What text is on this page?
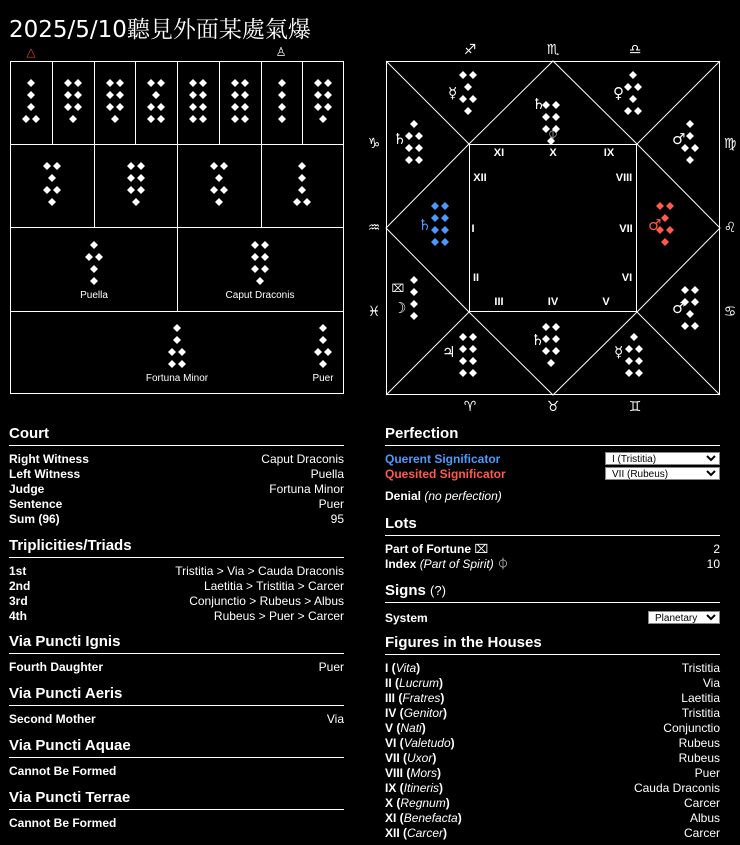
2025/5/10聽見外面某處氣爆
△	♙
Puella	Caput Draconis
Fortuna Minor	Puer
♐	♏	♎
♑	♍
♒	♌
♓	♋
♈	♉	♊
I
II
III	IV	V
VI
VII
VIII
IX
X
XI
XII
♄
☽
⌧
♃
♄
☿
♂
♂
♂
♀
♄
⏀
☿
♄
Court
Right Witness	Caput Draconis
Left Witness	Puella
Judge	Fortuna Minor
Sentence	Puer
Sum (96)	95
Triplicities/Triads
1st	Tristitia > Via > Cauda Draconis
2nd	Laetitia > Tristitia > Carcer
3rd	Conjunctio > Rubeus > Albus
4th	Rubeus > Puer > Carcer
Via Puncti Ignis
Fourth Daughter	Puer
Via Puncti Aeris
Second Mother	Via
Via Puncti Aquae
Cannot Be Formed
Via Puncti Terrae
Cannot Be Formed
Perfection
Querent Significator
I (Tristitia)
Quesited Significator
VII (Rubeus)
Denial (no perfection)
Lots
Part of Fortune ⌧	2
Index (Part of Spirit) ⏀	10
Signs (?)
System
Planetary
Figures in the Houses
I (Vita)	Tristitia
II (Lucrum)	Via
III (Fratres)	Laetitia
IV (Genitor)	Tristitia
V (Nati)	Conjunctio
VI (Valetudo)	Rubeus
VII (Uxor)	Rubeus
VIII (Mors)	Puer
IX (Itineris)	Cauda Draconis
X (Regnum)	Carcer
XI (Benefacta)	Albus
XII (Carcer)	Carcer
